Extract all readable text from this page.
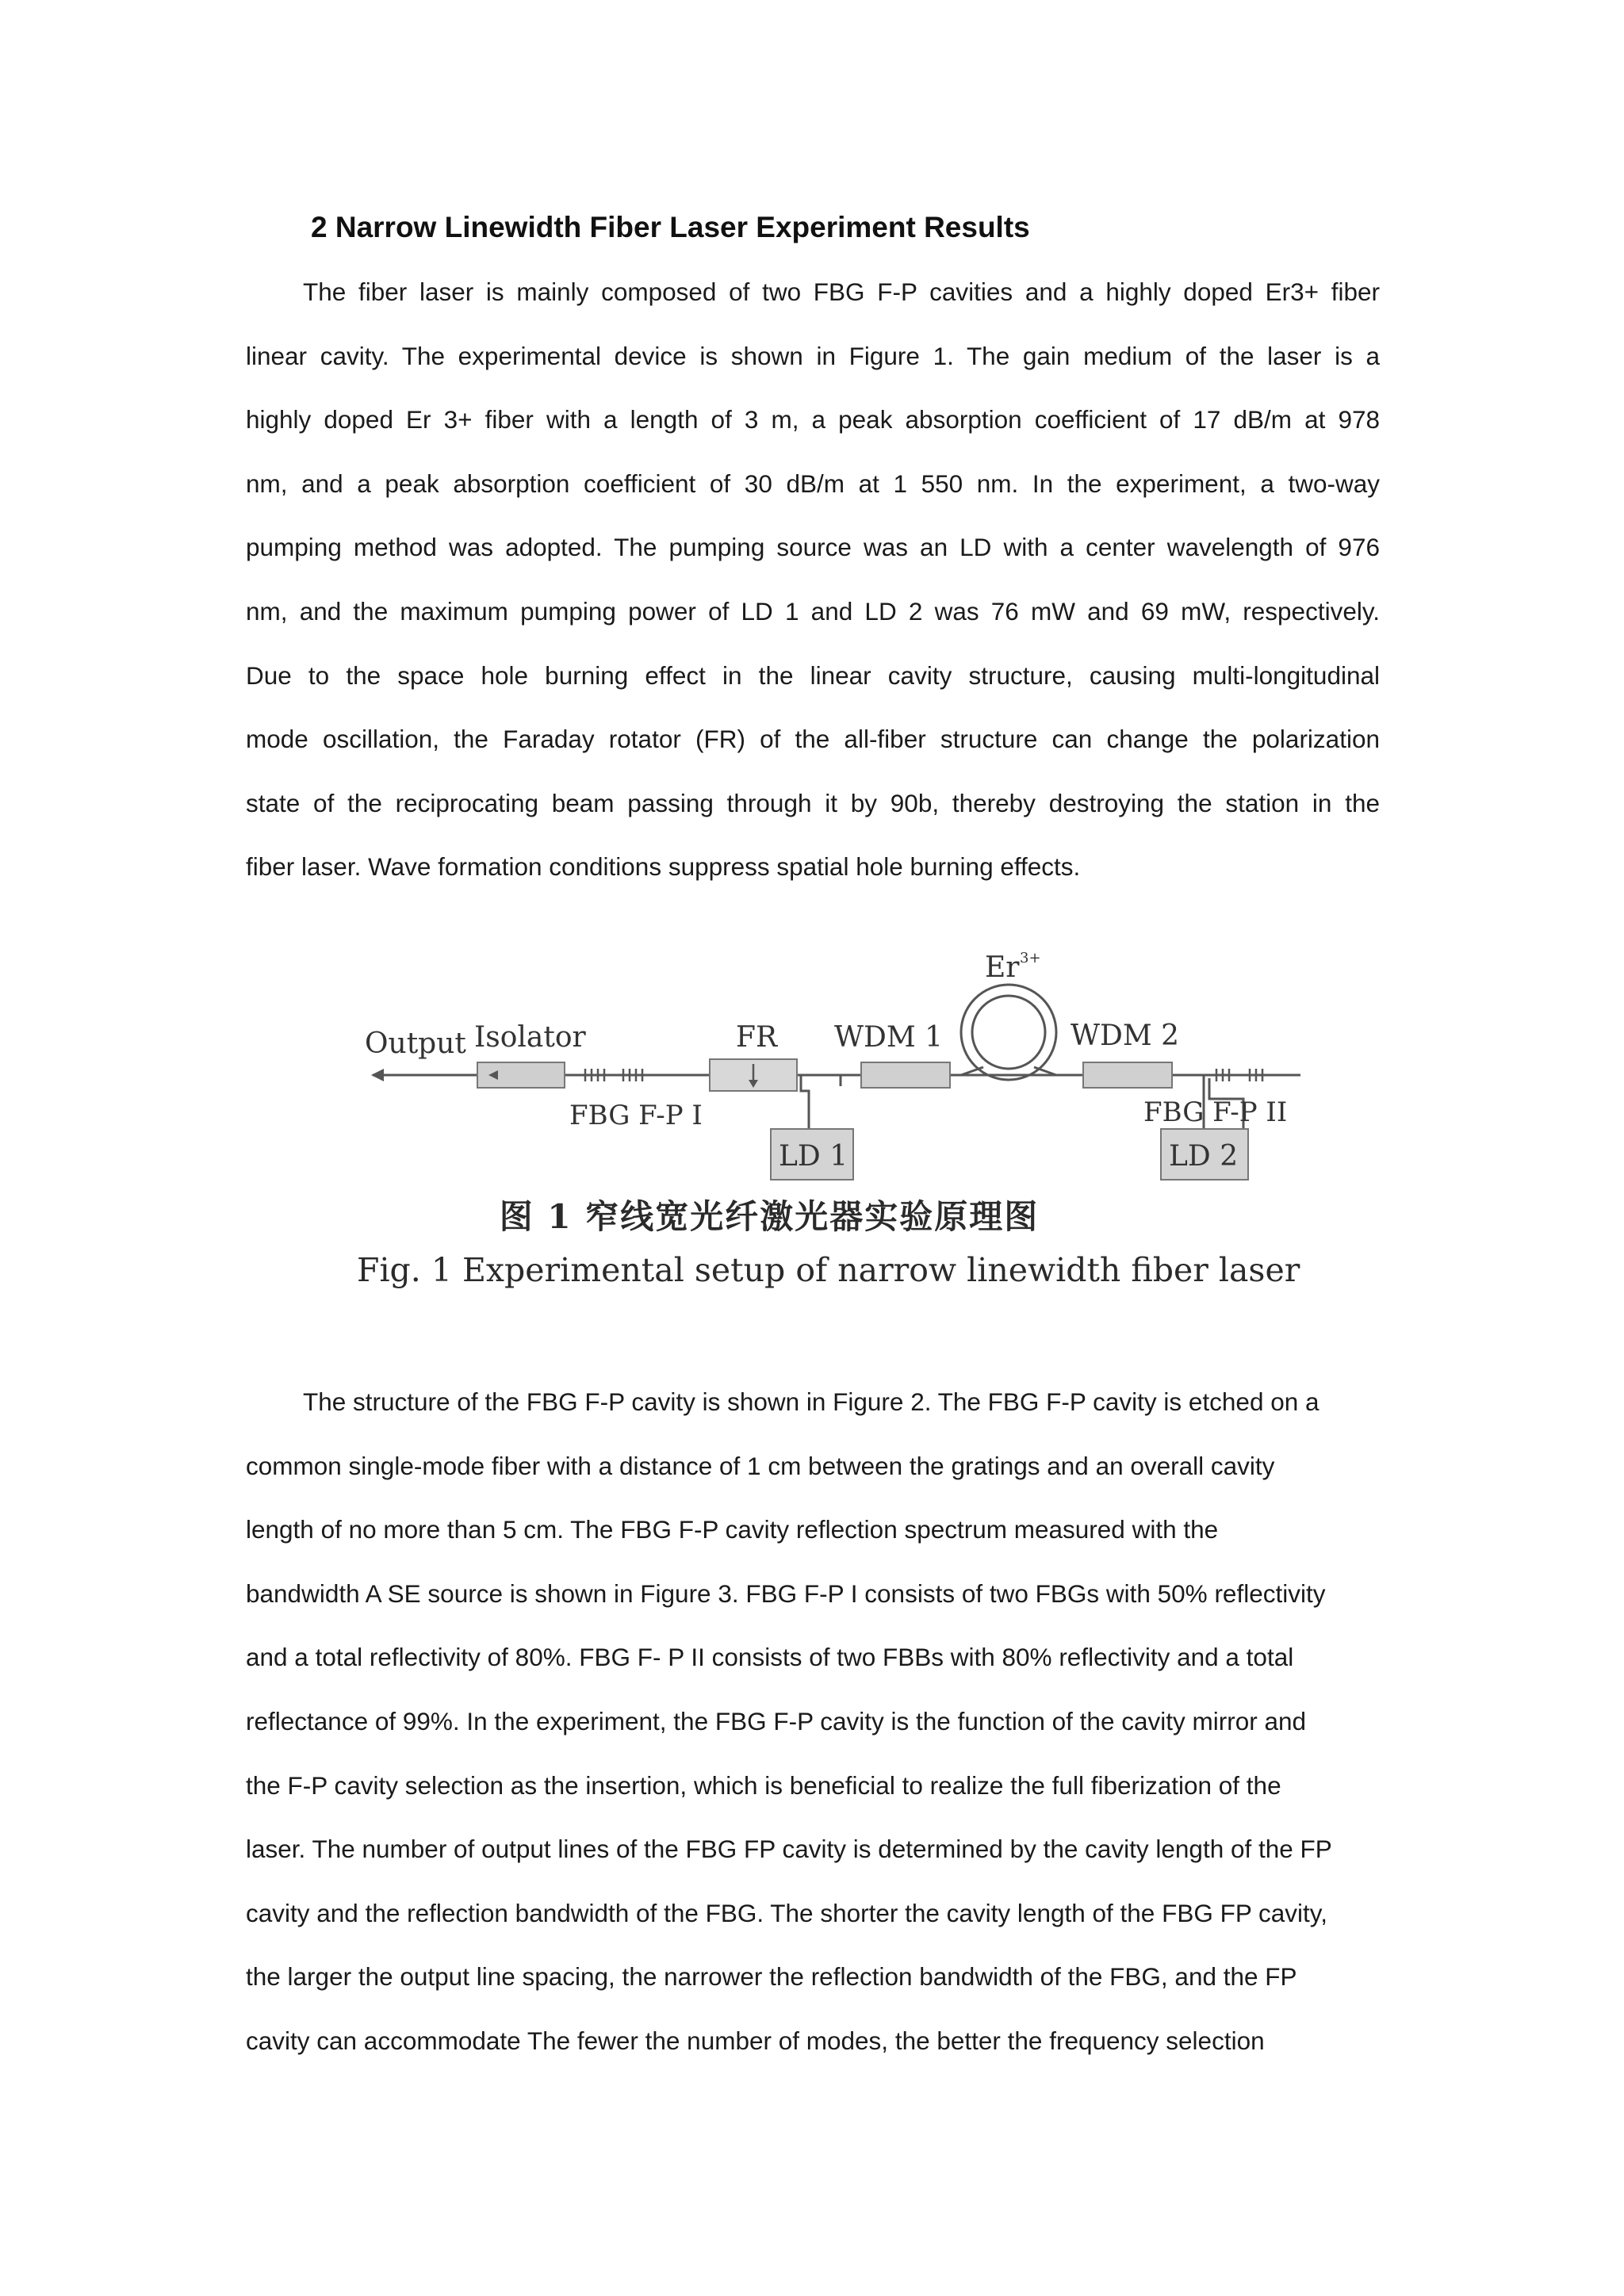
2 Narrow Linewidth Fiber Laser Experiment Results
The fiber laser is mainly composed of two FBG F-P cavities and a highly doped Er3+ fiber
linear cavity. The experimental device is shown in Figure 1. The gain medium of the laser is a
highly doped Er 3+ fiber with a length of 3 m, a peak absorption coefficient of 17 dB/m at 978
nm, and a peak absorption coefficient of 30 dB/m at 1 550 nm. In the experiment, a two-way
pumping method was adopted. The pumping source was an LD with a center wavelength of 976
nm, and the maximum pumping power of LD 1 and LD 2 was 76 mW and 69 mW, respectively.
Due to the space hole burning effect in the linear cavity structure, causing multi-longitudinal
mode oscillation, the Faraday rotator (FR) of the all-fiber structure can change the polarization
state of the reciprocating beam passing through it by 90b, thereby destroying the station in the
fiber laser. Wave formation conditions suppress spatial hole burning effects.
Er 3+
Output Isolator	FR WDM 1	WDM 2
FBG F-P I	FBG F-P II
LD 1	LD 2
图 1 窄线宽光纤激光器实验原理图
Fig. 1 Experimental setup of narrow linewidth fiber laser
The structure of the FBG F-P cavity is shown in Figure 2. The FBG F-P cavity is etched on a
common single-mode fiber with a distance of 1 cm between the gratings and an overall cavity
length of no more than 5 cm. The FBG F-P cavity reflection spectrum measured with the
bandwidth A SE source is shown in Figure 3. FBG F-P I consists of two FBGs with 50% reflectivity
and a total reflectivity of 80%. FBG F- P II consists of two FBBs with 80% reflectivity and a total
reflectance of 99%. In the experiment, the FBG F-P cavity is the function of the cavity mirror and
the F-P cavity selection as the insertion, which is beneficial to realize the full fiberization of the
laser. The number of output lines of the FBG FP cavity is determined by the cavity length of the FP
cavity and the reflection bandwidth of the FBG. The shorter the cavity length of the FBG FP cavity,
the larger the output line spacing, the narrower the reflection bandwidth of the FBG, and the FP
cavity can accommodate The fewer the number of modes, the better the frequency selection
